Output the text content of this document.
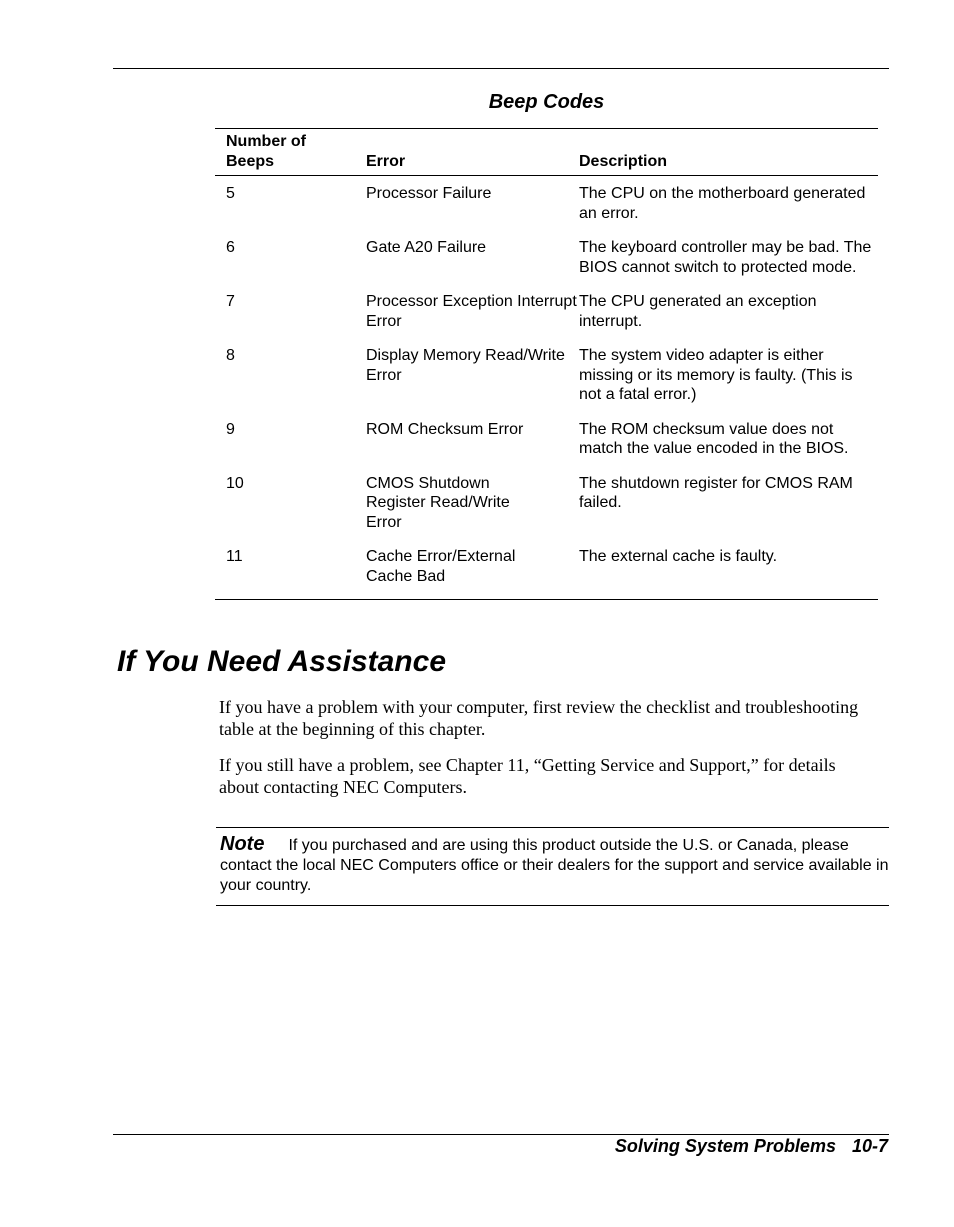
Beep Codes
Number of Beeps	Error	Description
5	Processor Failure	The CPU on the motherboard generated an error.
6	Gate A20 Failure	The keyboard controller may be bad. The BIOS cannot switch to protected mode.
7	Processor Exception Interrupt Error	The CPU generated an exception interrupt.
8	Display Memory Read/Write Error	The system video adapter is either missing or its memory is faulty. (This is not a fatal error.)
9	ROM Checksum Error	The ROM checksum value does not match the value encoded in the BIOS.
10	CMOS Shutdown Register Read/Write Error	The shutdown register for CMOS RAM failed.
11	Cache Error/External Cache Bad	The external cache is faulty.
If You Need Assistance

If you have a problem with your computer, first review the checklist and troubleshooting table at the beginning of this chapter.

If you still have a problem, see Chapter 11, “Getting Service and Support,” for details about contacting NEC Computers.

Note If you purchased and are using this product outside the U.S. or Canada, please contact the local NEC Computers office or their dealers for the support and service available in your country.
Solving System Problems 10-7
